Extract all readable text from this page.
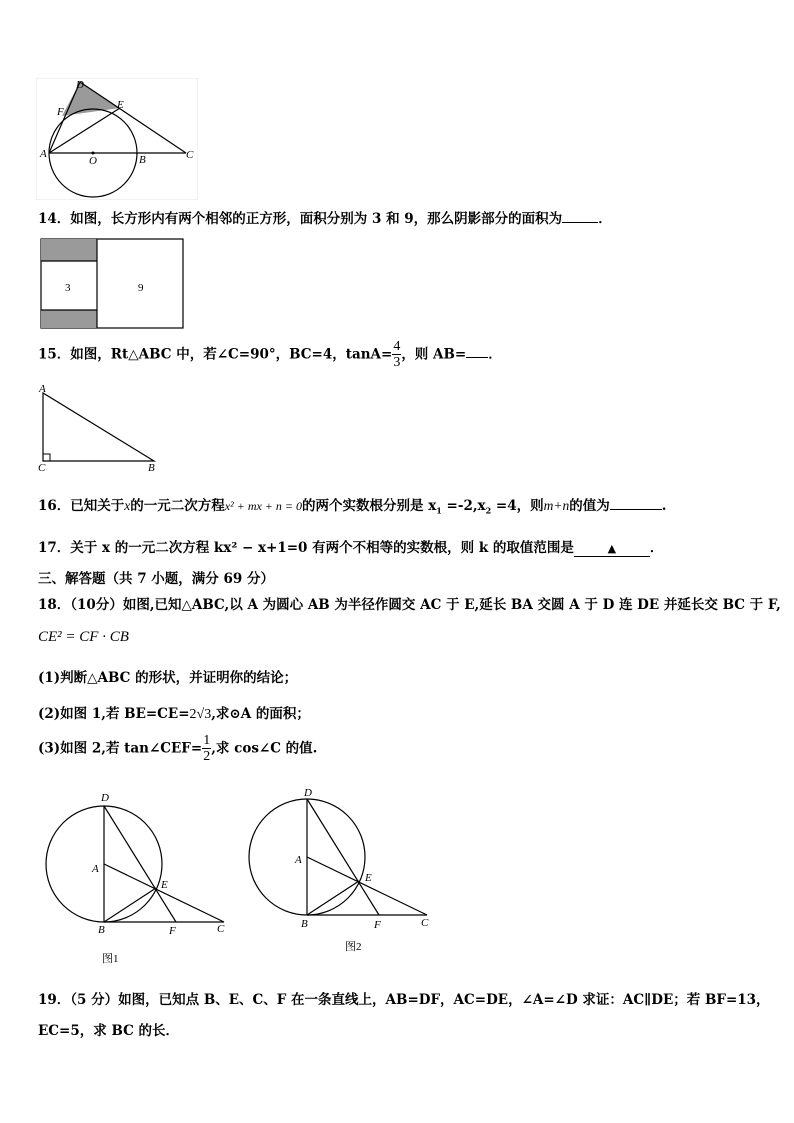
D
F
E
A
O	B	C
14．如图，长方形内有两个相邻的正方形，面积分别为 3 和 9，那么阴影部分的面积为	．
3	9
15．如图，Rt△ABC 中，若∠C=90°，BC=4，$\tan A= \frac{4}{3}$ ，则 AB= ．
A
C	B
16．已知关于x的一元二次方程x² + mx + n = 0的两个实数根分别是 $x_1 =-2,x_2 =4$，则m+n的值为	.
17．关于 x 的一元二次方程 kx² − x+1=0 有两个不相等的实数根，则 k 的取值范围是	▲	．
三、解答题（共 7 小题，满分 69 分）
18．（10分）如图,已知△ABC,以 A 为圆心 AB 为半径作圆交 AC 于 E,延长 BA 交圆 A 于 D 连 DE 并延长交 BC 于 F,
CE² = CF · CB
(1)判断△ABC 的形状，并证明你的结论；
(2)如图 1,若 BE=CE=2√3,求⊙A 的面积；
(3)如图 2,若 tan∠CEF= $\frac{1}{2}$ ,求 cos∠C 的值.
D
A
E
B	F	C
图1
D
A
E
B	F	C
图2
19．（5 分）如图，已知点 B、E、C、F 在一条直线上，AB=DF，AC=DE，∠A=∠D 求证：AC∥DE；若 BF=13，
EC=5，求 BC 的长．
